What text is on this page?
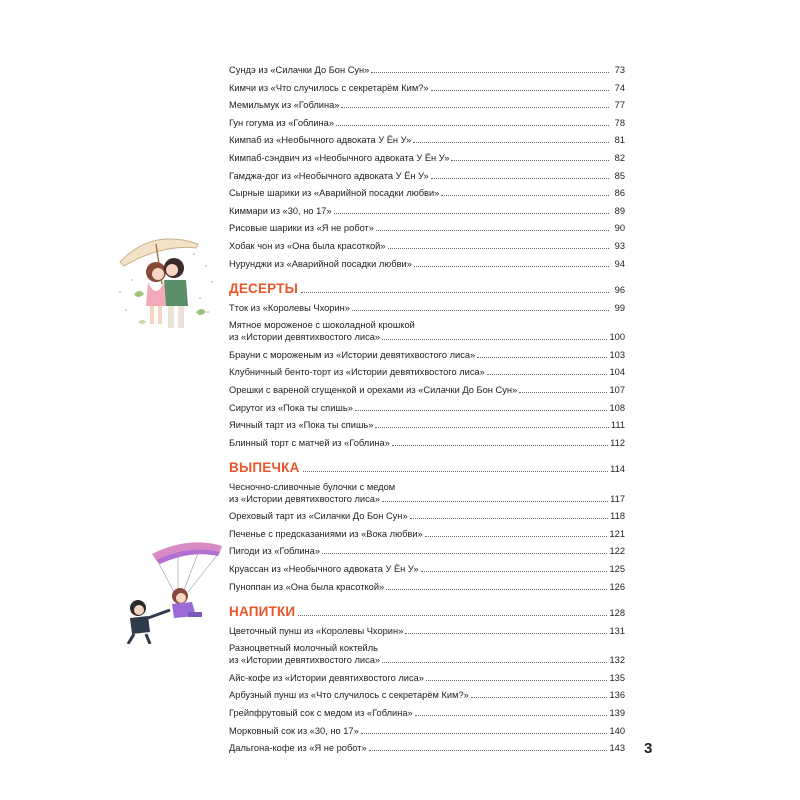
Сундэ из «Силачки До Бон Сун»	73
Кимчи из «Что случилось с секретарём Ким?»	74
Мемильмук из «Гоблина»	77
Гун гогума из «Гоблина»	78
Кимпаб из «Необычного адвоката У Ён У»	81
Кимпаб-сэндвич из «Необычного адвоката У Ён У»	82
Гамджа-дог из «Необычного адвоката У Ён У»	85
Сырные шарики из «Аварийной посадки любви»	86
Киммари из «30, но 17»	89
Рисовые шарики из «Я не робот»	90
Хобак чон из «Она была красоткой»	93
Нурунджи из «Аварийной посадки любви»	94
ДЕСЕРТЫ	96
Тток из «Королевы Чхорин»	99
Мятное мороженое с шоколадной крошкой
из «Истории девятихвостого лиса»	100
Брауни с мороженым из «Истории девятихвостого лиса»	103
Клубничный бенто-торт из «Истории девятихвостого лиса»	104
Орешки с вареной сгущенкой и орехами из «Силачки До Бон Сун»	107
Сирутог из «Пока ты спишь»	108
Яичный тарт из «Пока ты спишь»	111
Блинный торт с матчей из «Гоблина»	112
ВЫПЕЧКА	114
Чесночно-сливочные булочки с медом
из «Истории девятихвостого лиса»	117
Ореховый тарт из «Силачки До Бон Сун»	118
Печенье с предсказаниями из «Вока любви»	121
Пигоди из «Гоблина»	122
Круассан из «Необычного адвоката У Ён У»	125
Пунoппан из «Она была красоткой»	126
НАПИТКИ	128
Цветочный пунш из «Королевы Чхорин»	131
Разноцветный молочный коктейль
из «Истории девятихвостого лиса»	132
Айс-кофе из «Истории девятихвостого лиса»	135
Арбузный пунш из «Что случилось с секретарём Ким?»	136
Грейпфрутовый сок с медом из «Гоблина»	139
Морковный сок из «30, но 17»	140
Дальгона-кофе из «Я не робот»	143 3
